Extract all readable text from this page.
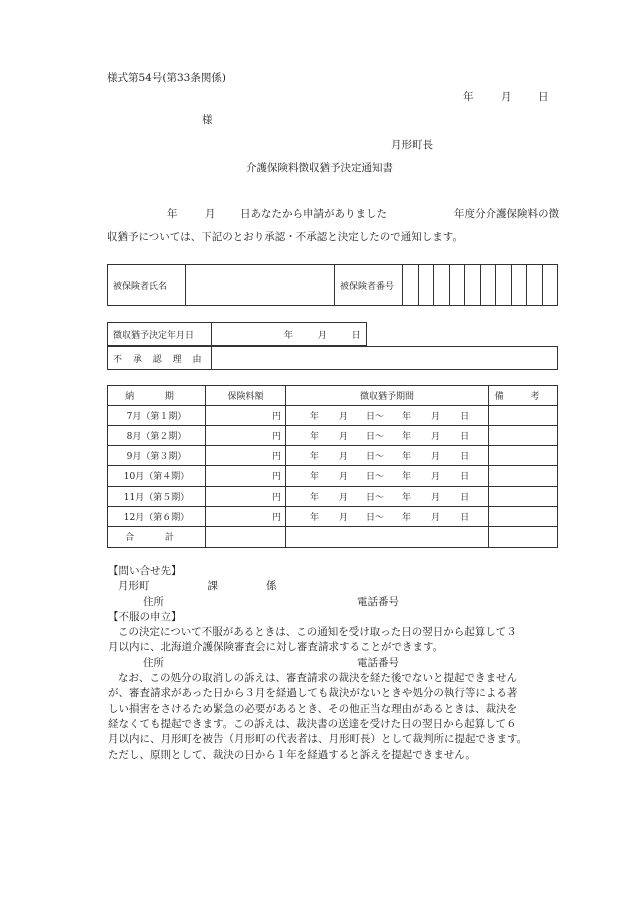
様式第54号(第33条関係)
年	月	日
様
月形町長
介護保険料徴収猶予決定通知書
年	月 日あなたから申請がありました	年度分介護保険料の徴
収猶予については、下記のとおり承認・不承認と決定したので通知します。
被保険者氏名		被保険者番号										
徴収猶予決定年月日	年	月	日
不 承 認 理 由	
納 期	保険料額	徴収猶予期間	備 考
7月（第１期）	円	年 月 日～ 年 月 日	
8月（第２期）	円	年 月 日～ 年 月 日	
9月（第３期）	円	年 月 日～ 年 月 日	
10月（第４期）	円	年 月 日～ 年 月 日	
11月（第５期）	円	年 月 日～ 年 月 日	
12月（第６期）	円	年 月 日～ 年 月 日	
合 計			

【問い合せ先】

月形町	課	係

住所	電話番号

【不服の申立】

この決定について不服があるときは、この通知を受け取った日の翌日から起算して３

月以内に、北海道介護保険審査会に対し審査請求することができます。

住所	電話番号

なお、この処分の取消しの訴えは、審査請求の裁決を経た後でないと提起できません

が、審査請求があった日から３月を経過しても裁決がないときや処分の執行等による著

しい損害をさけるため緊急の必要があるとき、その他正当な理由があるときは、裁決を

経なくても提起できます。この訴えは、裁決書の送達を受けた日の翌日から起算して６

月以内に、月形町を被告（月形町の代表者は、月形町長）として裁判所に提起できます。

ただし、原則として、裁決の日から１年を経過すると訴えを提起できません。
